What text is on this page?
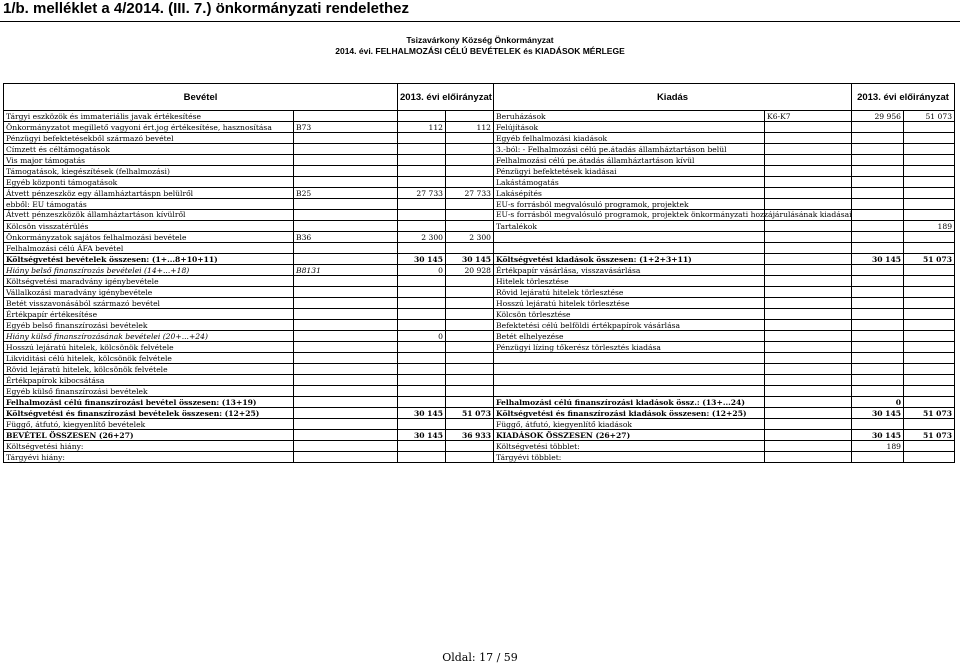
1/b. melléklet a 4/2014. (III. 7.) önkormányzati rendelethez
Tsizavárkony Község Önkormányzat
2014. évi. FELHALMOZÁSI CÉLÚ BEVÉTELEK és KIADÁSOK MÉRLEGE
Bevétel		2013. évi előirányzat		Kiadás		2013. évi előirányzat	
Tárgyi eszközök és immateriális javak értékesítése				Beruházások	K6-K7	29 956	51 073
Önkormányzatot megillető vagyoni ért.jog értékesítése, hasznosítása	B73	112	112	Felújítások			
Pénzügyi befektetésekből származó bevétel				Egyéb felhalmozási kiadások			
Címzett és céltámogatások				3.-ból: - Felhalmozási célú pe.átadás államháztartáson belül			
Vis major támogatás				Felhalmozási célú pe.átadás államháztartáson kívül			
Támogatások, kiegészítések (felhalmozási)				Pénzügyi befektetések kiadásai			
Egyéb központi támogatások				Lakástámogatás			
Átvett pénzeszköz egy államháztartáspn belülről	B25	27 733	27 733	Lakásépítés			
ebből: EU támogatás				EU-s forrásból megvalósuló programok, projektek			
Átvett pénzeszközök államháztartáson kívülről				EU-s forrásból megvalósuló programok, projektek önkormányzati hozzájárulásának kiadásai			
Kölcsön visszatérülés				Tartalékok			189
Önkormányzatok sajátos felhalmozási bevétele	B36	2 300	2 300				
Felhalmozási célú ÁFA bevétel							
Költségvetési bevételek összesen: (1+...8+10+11)		30 145	30 145	Költségvetési kiadások összesen: (1+2+3+11)		30 145	51 073
Hiány belső finanszírozás bevételei (14+...+18)	B8131	0	20 928	Értékpapír vásárlása, visszavásárlása			
Költségvetési maradvány igénybevétele				Hitelek törlesztése			
Vállalkozási maradvány igénybevétele				Rövid lejáratú hitelek törlesztése			
Betét visszavonásából származó bevétel				Hosszú lejáratú hitelek törlesztése			
Értékpapír értékesítése				Kölcsön törlesztése			
Egyéb belső finanszírozási bevételek				Befektetési célú belföldi értékpapírok vásárlása			
Hiány külső finanszírozásának bevételei (20+...+24)		0		Betét elhelyezése			
Hosszú lejáratú hitelek, kölcsönök felvétele				Pénzügyi lízing tőkerész törlesztés kiadása			
Likviditási célú hitelek, kölcsönök felvétele							
Rövid lejáratú hitelek, kölcsönök felvétele							
Értékpapírok kibocsátása							
Egyéb külső finanszírozási bevételek							
Felhalmozási célú finanszírozási bevétel összesen: (13+19)				Felhalmozási célú finanszírozási kiadások össz.: (13+...24)		0	
Költségvetési és finanszírozási bevételek összesen: (12+25)		30 145	51 073	Költségvetési és finanszírozási kiadások összesen: (12+25)		30 145	51 073
Függő, átfutó, kiegyenlítő bevételek				Függő, átfutó, kiegyenlítő kiadások			
BEVÉTEL ÖSSZESEN (26+27)		30 145	36 933	KIADÁSOK ÖSSZESEN (26+27)		30 145	51 073
Költségvetési hiány:				Költségvetési többlet:		189	
Tárgyévi hiány:				Tárgyévi többlet:			
Oldal: 17 / 59
